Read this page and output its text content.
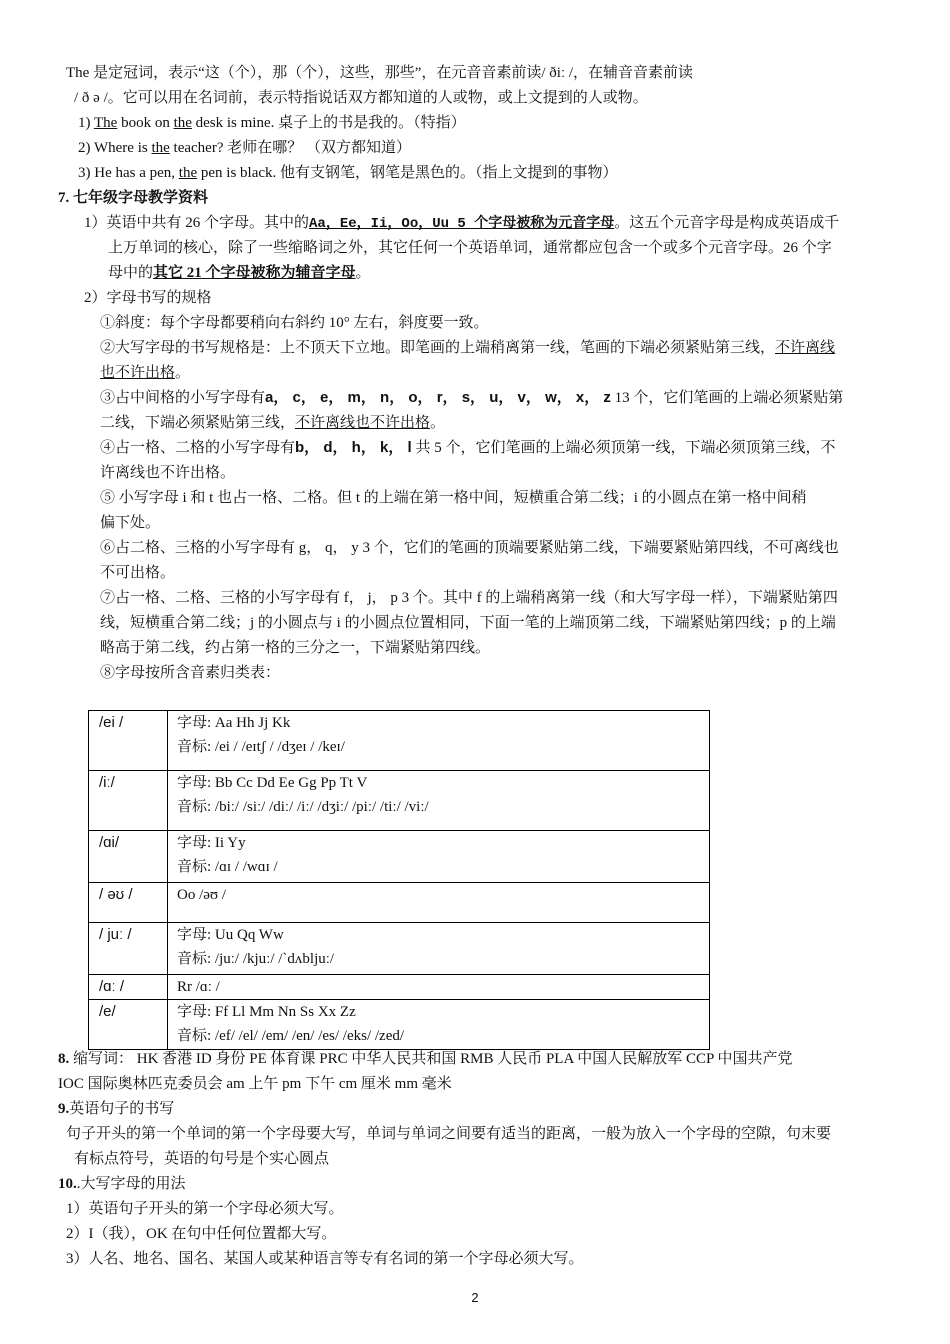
The 是定冠词，表示“这（个），那（个），这些，那些”，在元音音素前读/ ðiː /，在辅音音素前读
/ ð ə /。它可以用在名词前，表示特指说话双方都知道的人或物，或上文提到的人或物。
1) The book on the desk is mine. 桌子上的书是我的。（特指）
2) Where is the teacher? 老师在哪？ （双方都知道）
3) He has a pen, the pen is black. 他有支钢笔，钢笔是黑色的。（指上文提到的事物）
7. 七年级字母教学资料
1）英语中共有 26 个字母。其中的Aa，Ee，Ii，Oo，Uu 5 个字母被称为元音字母。这五个元音字母是构成英语成千
上万单词的核心，除了一些缩略词之外，其它任何一个英语单词，通常都应包含一个或多个元音字母。26 个字
母中的其它 21 个字母被称为辅音字母。
2）字母书写的规格
①斜度：每个字母都要稍向右斜约 10° 左右，斜度要一致。
②大写字母的书写规格是：上不顶天下立地。即笔画的上端稍离第一线，笔画的下端必须紧贴第三线，不许离线
也不许出格。
③占中间格的小写字母有a， c， e， m， n， o， r， s， u， v， w， x， z 13 个，它们笔画的上端必须紧贴第
二线，下端必须紧贴第三线，不许离线也不许出格。
④占一格、二格的小写字母有b， d， h， k， l 共 5 个，它们笔画的上端必须顶第一线，下端必须顶第三线，不
许离线也不许出格。
⑤ 小写字母 i 和 t 也占一格、二格。但 t 的上端在第一格中间，短横重合第二线；i 的小圆点在第一格中间稍
偏下处。
⑥占二格、三格的小写字母有 g， q， y 3 个，它们的笔画的顶端要紧贴第二线，下端要紧贴第四线，不可离线也
不可出格。
⑦占一格、二格、三格的小写字母有 f， j， p 3 个。其中 f 的上端稍离第一线（和大写字母一样），下端紧贴第四
线，短横重合第二线；j 的小圆点与 i 的小圆点位置相同，下面一笔的上端顶第二线，下端紧贴第四线；p 的上端
略高于第二线，约占第一格的三分之一，下端紧贴第四线。
⑧字母按所含音素归类表：
/ei /	字母: Aa Hh Jj Kk
音标: /ei / /eɪtʃ / /dʒeɪ / /keɪ/

/iː/	字母: Bb Cc Dd Ee Gg Pp Tt V
音标: /biː/ /siː/ /diː/ /iː/ /dʒiː/ /piː/ /tiː/ /viː/

/ɑi/	字母: Ii Yy
音标: /ɑɪ / /wɑɪ /

/ əʊ /	Oo /əʊ /

/ juː /	字母: Uu Qq Ww
音标: /juː/ /kjuː/ /ˋdʌbljuː/

/ɑː /	Rr /ɑː /

/e/	字母: Ff Ll Mm Nn Ss Xx Zz
音标: /ef/ /el/ /em/ /en/ /es/ /eks/ /zed/
8. 缩写词： HK 香港 ID 身份 PE 体育课 PRC 中华人民共和国 RMB 人民币 PLA 中国人民解放军 CCP 中国共产党
IOC 国际奥林匹克委员会 am 上午 pm 下午 cm 厘米 mm 毫米
9.英语句子的书写
句子开头的第一个单词的第一个字母要大写，单词与单词之间要有适当的距离，一般为放入一个字母的空隙，句末要
有标点符号，英语的句号是个实心圆点
10..大写字母的用法
1）英语句子开头的第一个字母必须大写。
2）I（我），OK 在句中任何位置都大写。
3）人名、地名、国名、某国人或某种语言等专有名词的第一个字母必须大写。
2
